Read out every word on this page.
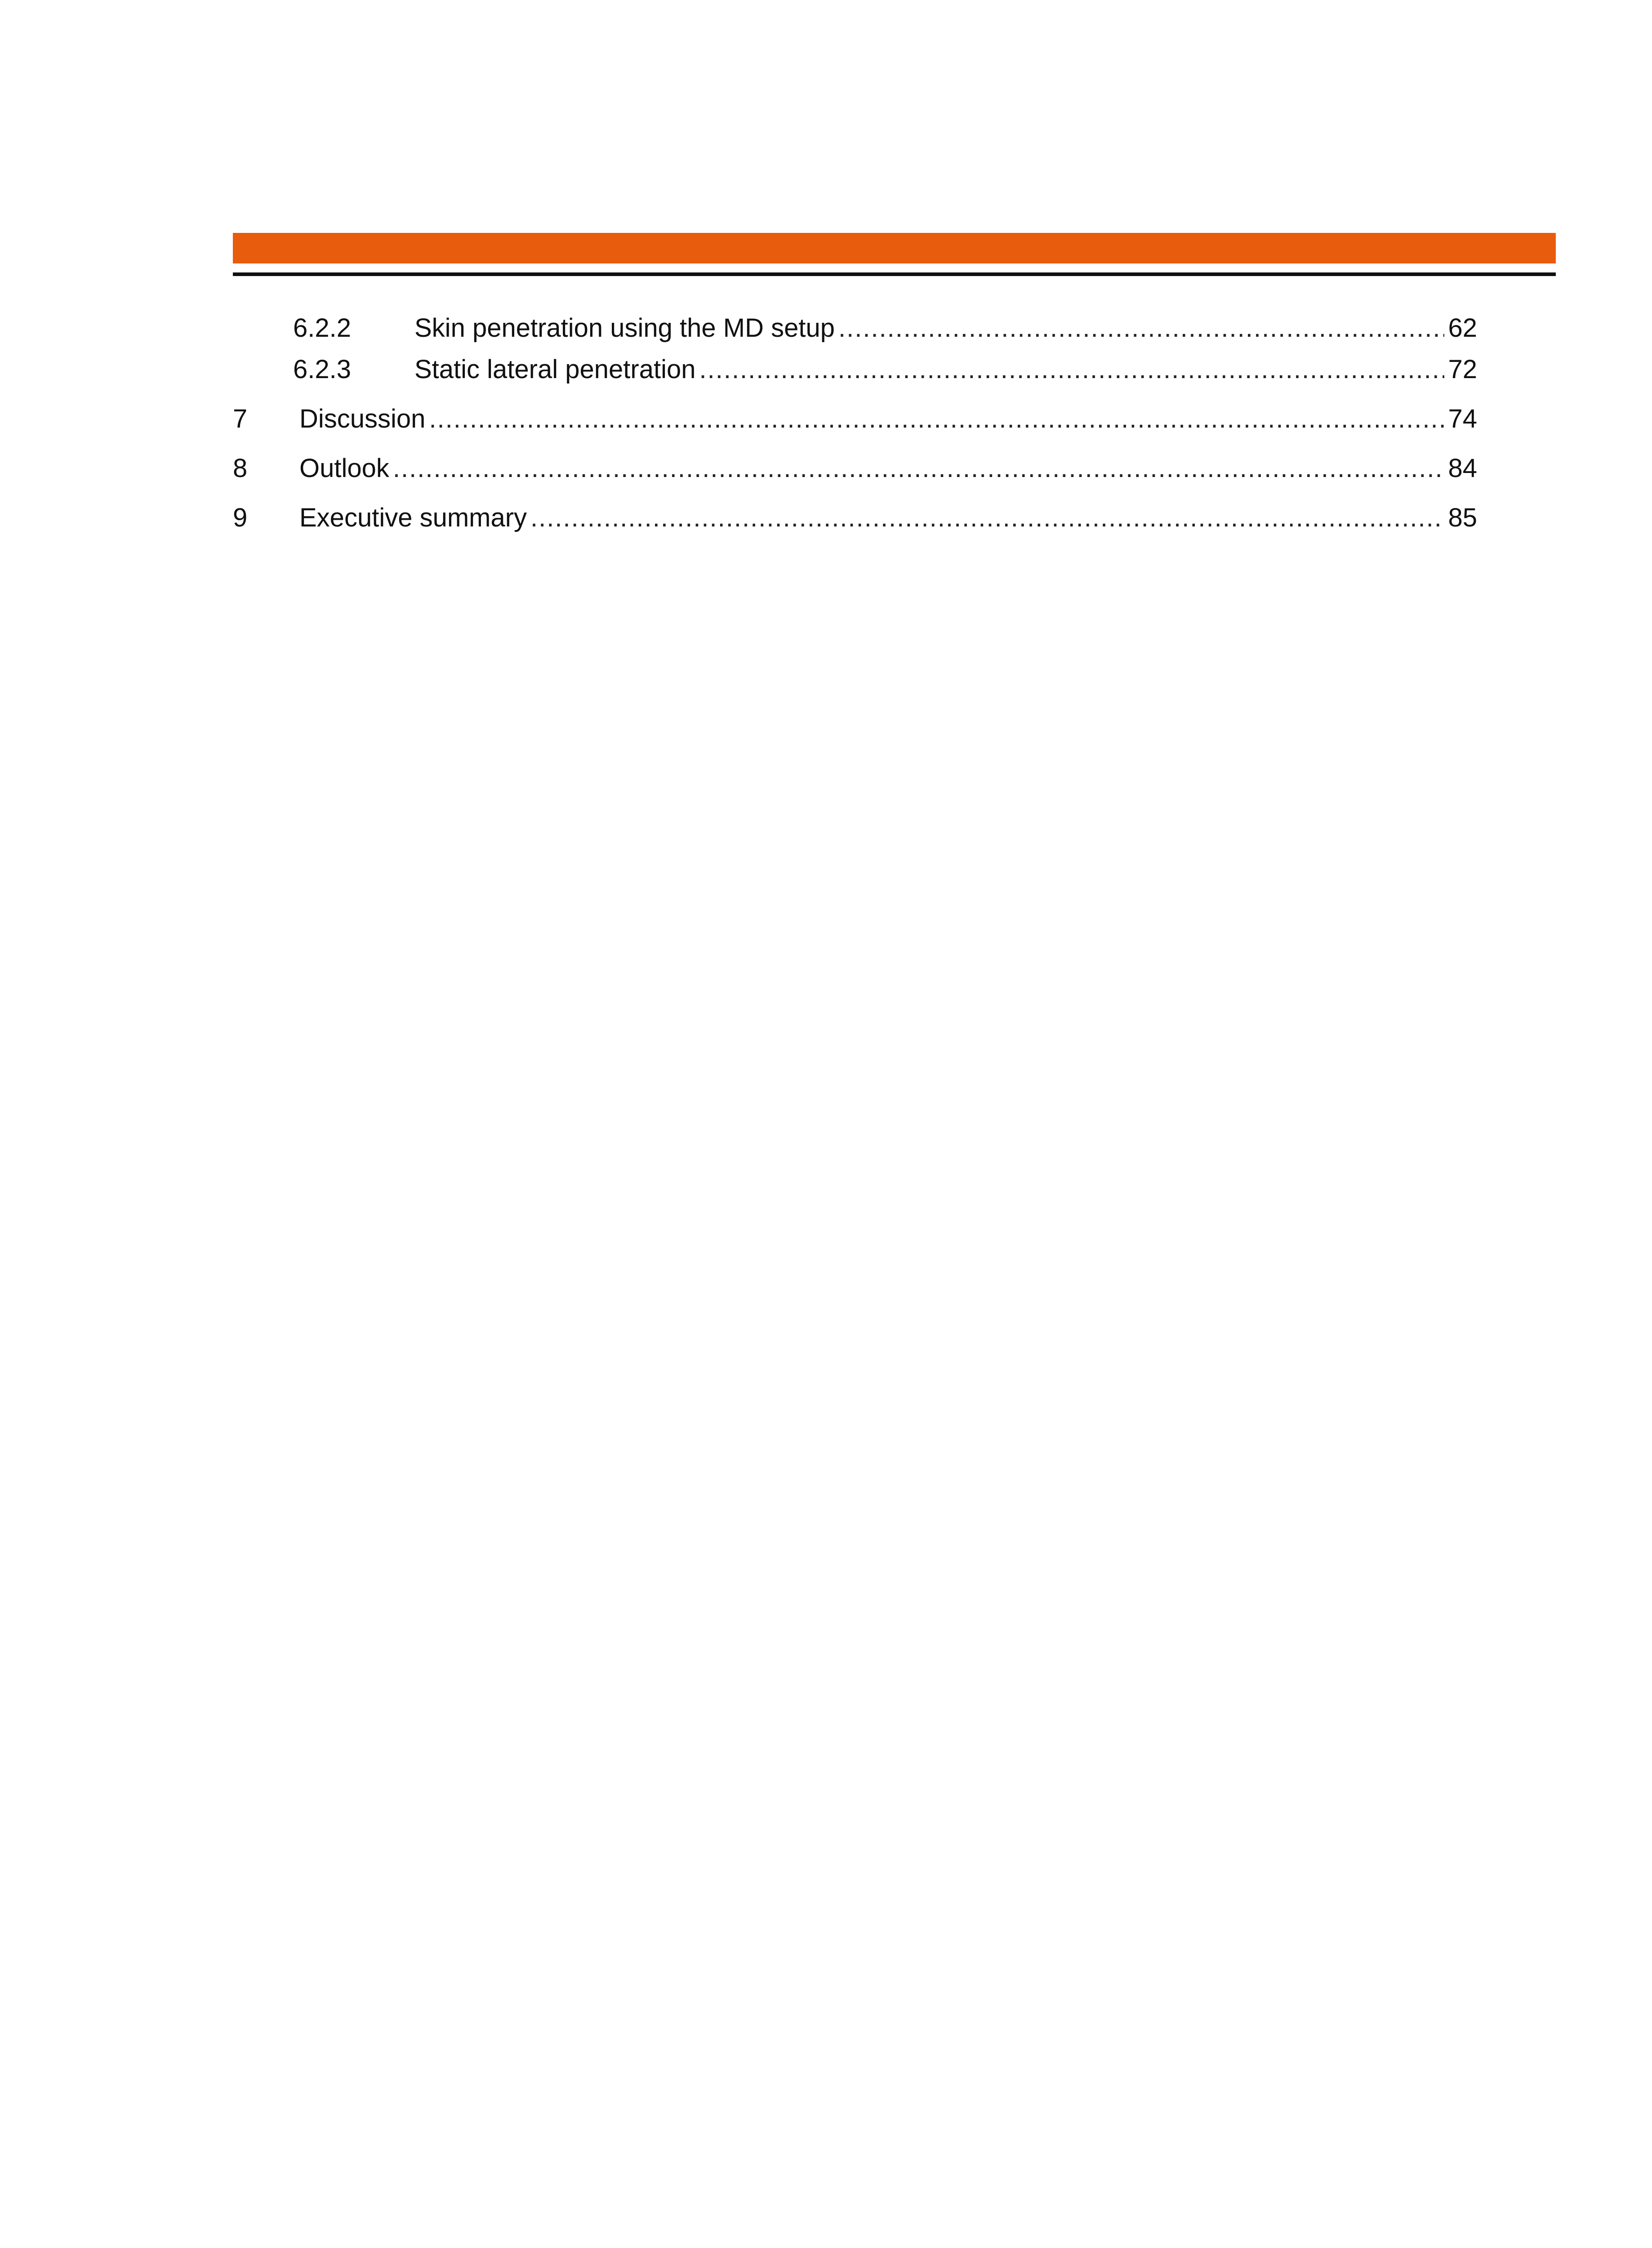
6.2.2 Skin penetration using the MD setup .....	62
6.2.3 Static lateral penetration .....	72
7 Discussion .....	74
8 Outlook .....	84
9 Executive summary .....	85
